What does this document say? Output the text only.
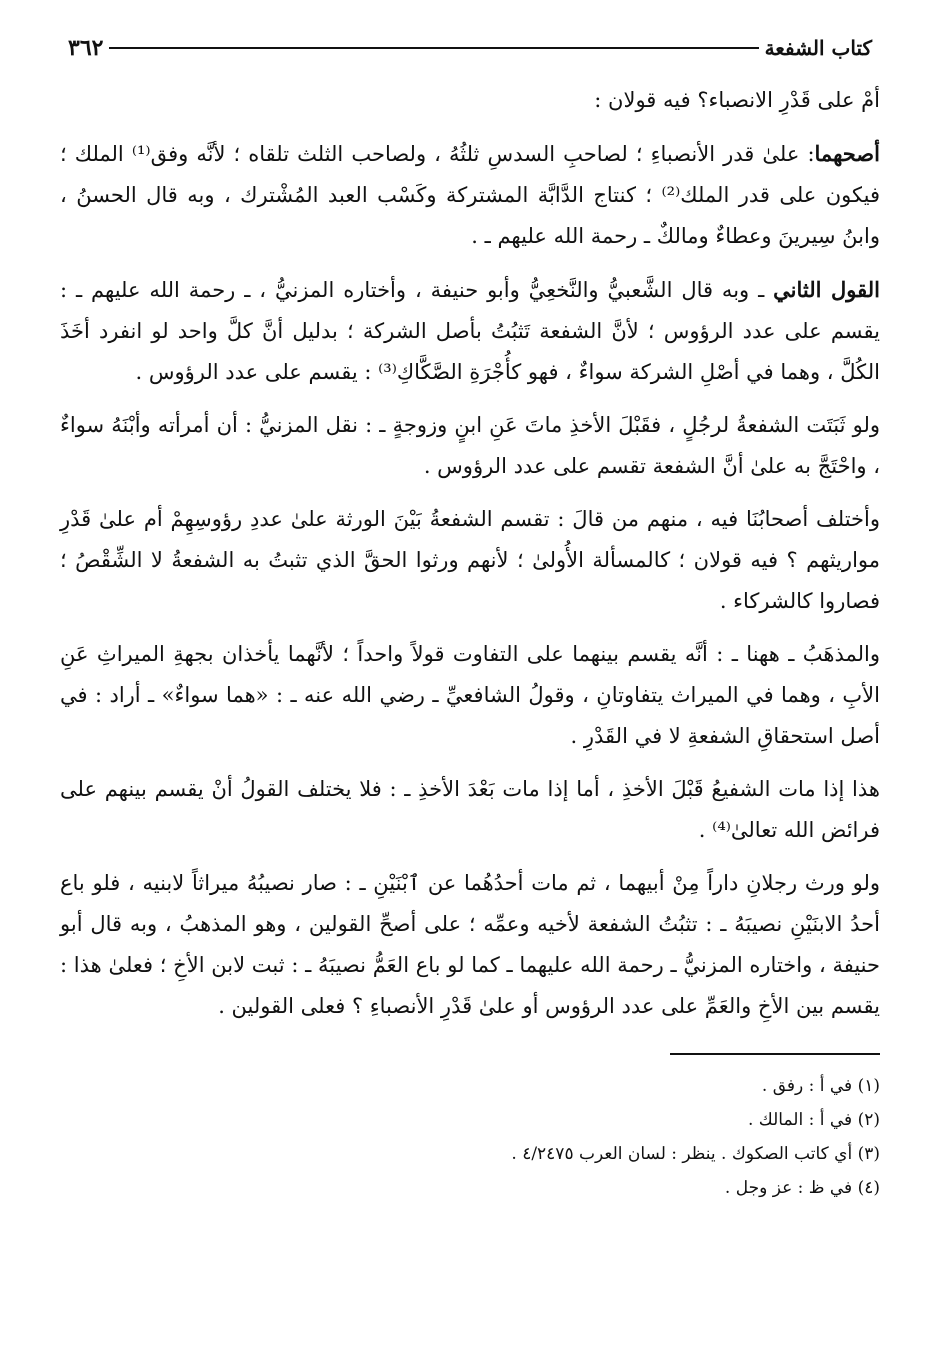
كتاب الشفعة
٣٦٢

أمْ على قَدْرِ الانصباء؟ فيه قولان :

أصحهما: علىٰ قدر الأنصباءِ ؛ لصاحبِ السدسِ ثلثُهُ ، ولصاحب الثلث تلقاه ؛ لأنَّه وفق⁽¹⁾ الملك ؛ فيكون على قدر الملك⁽²⁾ ؛ كنتاج الدَّابَّة المشتركة وكَسْب العبد المُشْترك ، وبه قال الحسنُ ، وابنُ سِيرينَ وعطاءٌ ومالكٌ ـ رحمة الله عليهم ـ .

القول الثاني ـ وبه قال الشَّعبيُّ والنَّخعِيُّ وأبو حنيفة ، وأختاره المزنيُّ ، ـ رحمة الله عليهم ـ : يقسم على عدد الرؤوس ؛ لأنَّ الشفعة تَثبُتُ بأصل الشركة ؛ بدليل أنَّ كلَّ واحد لو انفرد أخَذَ الكُلَّ ، وهما في أصْلِ الشركة سواءٌ ، فهو كأُجْرَةِ الصَّكَّاكِ⁽³⁾ : يقسم على عدد الرؤوس .

ولو ثَبَتَت الشفعةُ لرجُلٍ ، فقَبْلَ الأخذِ ماتَ عَنِ ابنٍ وزوجةٍ ـ : نقل المزنيُّ : أن أمرأته وأبْنَهُ سواءٌ ، واحْتَجَّ به علىٰ أنَّ الشفعة تقسم على عدد الرؤوس .

وأختلف أصحابُنَا فيه ، منهم من قالَ : تقسم الشفعةُ بَيْنَ الورثة علىٰ عددِ رؤوسِهِمْ أم علىٰ قَدْرِ مواريثهم ؟ فيه قولان ؛ كالمسألة الأُولىٰ ؛ لأنهم ورثوا الحقَّ الذي تثبتُ به الشفعةُ لا الشِّقْصُ ؛ فصاروا كالشركاء .

والمذهَبُ ـ ههنا ـ : أنَّه يقسم بينهما على التفاوت قولاً واحداً ؛ لأنَّهما يأخذان بجهةِ الميراثِ عَنِ الأبِ ، وهما في الميراث يتفاوتانِ ، وقولُ الشافعيِّ ـ رضي الله عنه ـ : «هما سواءٌ» ـ أراد : في أصل استحقاقِ الشفعةِ لا في القَدْرِ .

هذا إذا مات الشفيعُ قَبْلَ الأخذِ ، أما إذا مات بَعْدَ الأخذِ ـ : فلا يختلف القولُ أنْ يقسم بينهم على فرائض الله تعالىٰ⁽⁴⁾ .

ولو ورث رجلانِ داراً مِنْ أبيهما ، ثم مات أحدُهُما عن ٱبْنَيْنِ ـ : صار نصيبُهُ ميراثاً لابنيه ، فلو باع أحدُ الابنَيْنِ نصيبَهُ ـ : تثبُتُ الشفعة لأخيه وعمِّه ؛ على أصحِّ القولين ، وهو المذهبُ ، وبه قال أبو حنيفة ، واختاره المزنيُّ ـ رحمة الله عليهما ـ كما لو باع العَمُّ نصيبَهُ ـ : ثبت لابن الأخِ ؛ فعلىٰ هذا : يقسم بين الأخِ والعَمِّ على عدد الرؤوس أو علىٰ قَدْرِ الأنصباءِ ؟ فعلى القولين .

(١) في أ : رفق .

(٢) في أ : المالك .

(٣) أي كاتب الصكوك . ينظر : لسان العرب ٤/٢٤٧٥ .

(٤) في ظ : عز وجل .
